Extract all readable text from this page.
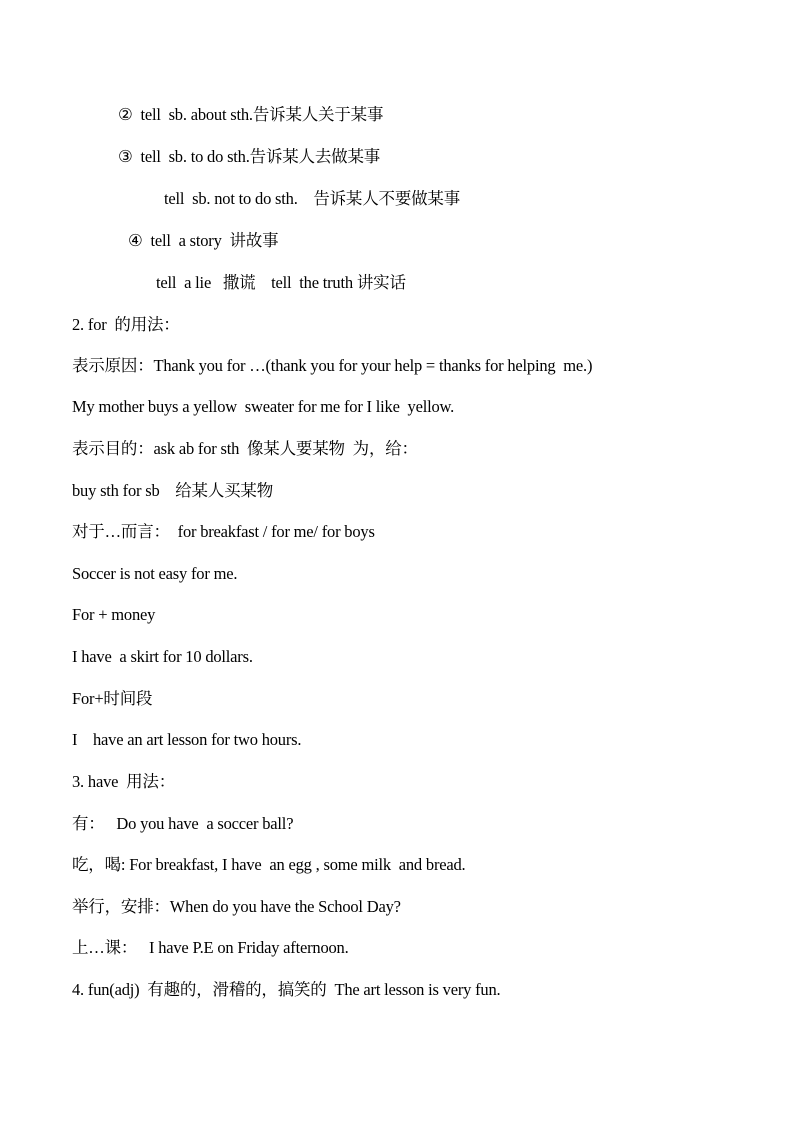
②  tell  sb. about sth.告诉某人关于某事
③  tell  sb. to do sth.告诉某人去做某事
tell  sb. not to do sth.    告诉某人不要做某事
④  tell  a story  讲故事
tell  a lie   撒谎    tell  the truth 讲实话
2. for  的用法：
表示原因：Thank you for …(thank you for your help = thanks for helping  me.)
My mother buys a yellow  sweater for me for I like  yellow.
表示目的：ask ab for sth  像某人要某物  为，给：
buy sth for sb    给某人买某物
对于…而言：  for breakfast / for me/ for boys
Soccer is not easy for me.
For + money
I have  a skirt for 10 dollars.
For+时间段
I    have an art lesson for two hours.
3. have  用法：
有：   Do you have  a soccer ball?
吃，喝: For breakfast, I have  an egg , some milk  and bread.
举行，安排：When do you have the School Day?
上…课：   I have P.E on Friday afternoon.
4. fun(adj)  有趣的，滑稽的，搞笑的  The art lesson is very fun.
